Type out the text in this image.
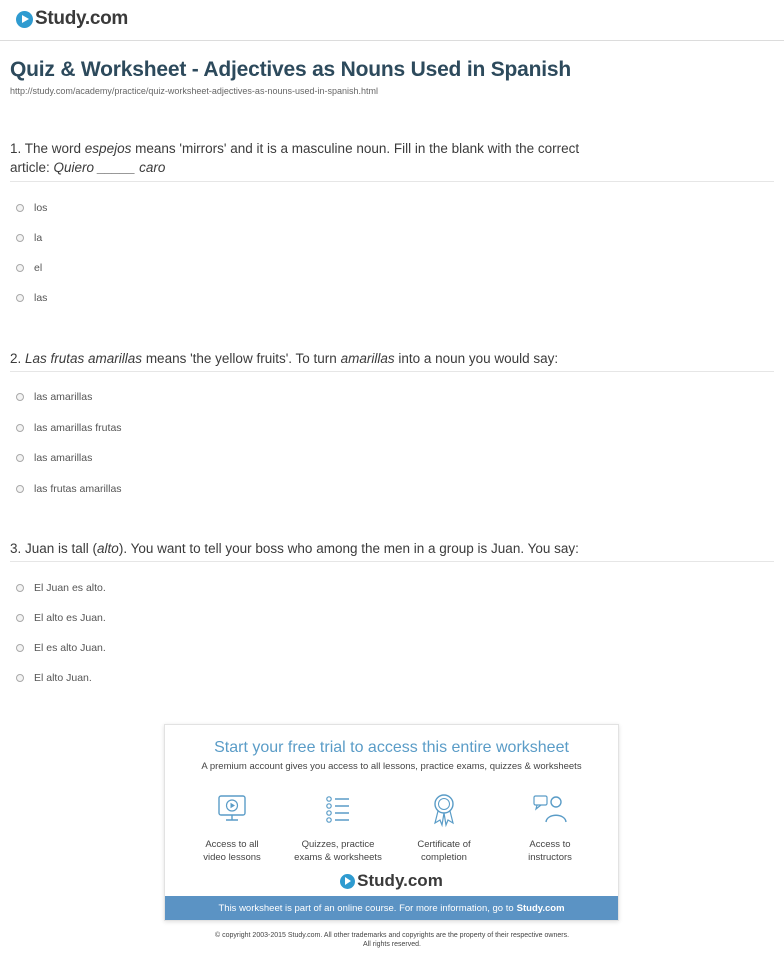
Study.com
Quiz & Worksheet - Adjectives as Nouns Used in Spanish
http://study.com/academy/practice/quiz-worksheet-adjectives-as-nouns-used-in-spanish.html
1. The word espejos means 'mirrors' and it is a masculine noun. Fill in the blank with the correct
article: Quiero _____ caro
los
la
el
las
2. Las frutas amarillas means 'the yellow fruits'. To turn amarillas into a noun you would say:
las amarillas
las amarillas frutas
las amarillas
las frutas amarillas
3. Juan is tall (alto). You want to tell your boss who among the men in a group is Juan. You say:
El Juan es alto.
El alto es Juan.
El es alto Juan.
El alto Juan.
Start your free trial to access this entire worksheet
A premium account gives you access to all lessons, practice exams, quizzes & worksheets
Access to all
video lessons
Quizzes, practice
exams & worksheets
Certificate of
completion
Access to
instructors
Study.com
This worksheet is part of an online course. For more information, go to Study.com
© copyright 2003-2015 Study.com. All other trademarks and copyrights are the property of their respective owners.
All rights reserved.
